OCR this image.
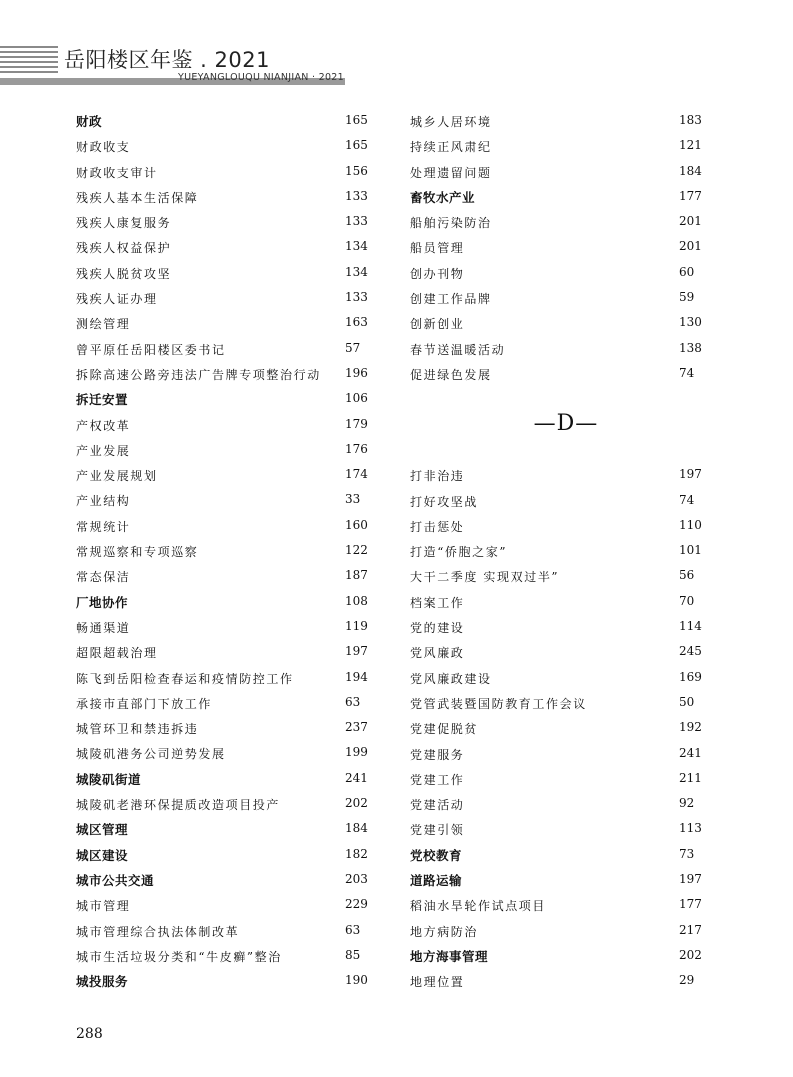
岳阳楼区年鉴 . 2021
YUEYANGLOUQU NIANJIAN · 2021
财政	165
财政收支	165
财政收支审计	156
残疾人基本生活保障	133
残疾人康复服务	133
残疾人权益保护	134
残疾人脱贫攻坚	134
残疾人证办理	133
测绘管理	163
曾平原任岳阳楼区委书记	57
拆除高速公路旁违法广告牌专项整治行动 196
拆迁安置	106
产权改革	179
产业发展	176
产业发展规划	174
产业结构	33
常规统计	160
常规巡察和专项巡察	122
常态保洁	187
厂地协作	108
畅通渠道	119
超限超载治理	197
陈飞到岳阳检查春运和疫情防控工作	194
承接市直部门下放工作	63
城管环卫和禁违拆违	237
城陵矶港务公司逆势发展	199
城陵矶街道	241
城陵矶老港环保提质改造项目投产	202
城区管理	184
城区建设	182
城市公共交通	203
城市管理	229
城市管理综合执法体制改革	63
城市生活垃圾分类和“牛皮癣”整治	85
城投服务	190
城乡人居环境	183
持续正风肃纪	121
处理遗留问题	184
畜牧水产业	177
船舶污染防治	201
船员管理	201
创办刊物	60
创建工作品牌	59
创新创业	130
春节送温暖活动	138
促进绿色发展	74
—D—
打非治违	197
打好攻坚战	74
打击惩处	110
打造“侨胞之家”	101
大干二季度 实现双过半”	56
档案工作	70
党的建设	114
党风廉政	245
党风廉政建设	169
党管武装暨国防教育工作会议	50
党建促脱贫	192
党建服务	241
党建工作	211
党建活动	92
党建引领	113
党校教育	73
道路运输	197
稻油水旱轮作试点项目	177
地方病防治	217
地方海事管理	202
地理位置	29
288
